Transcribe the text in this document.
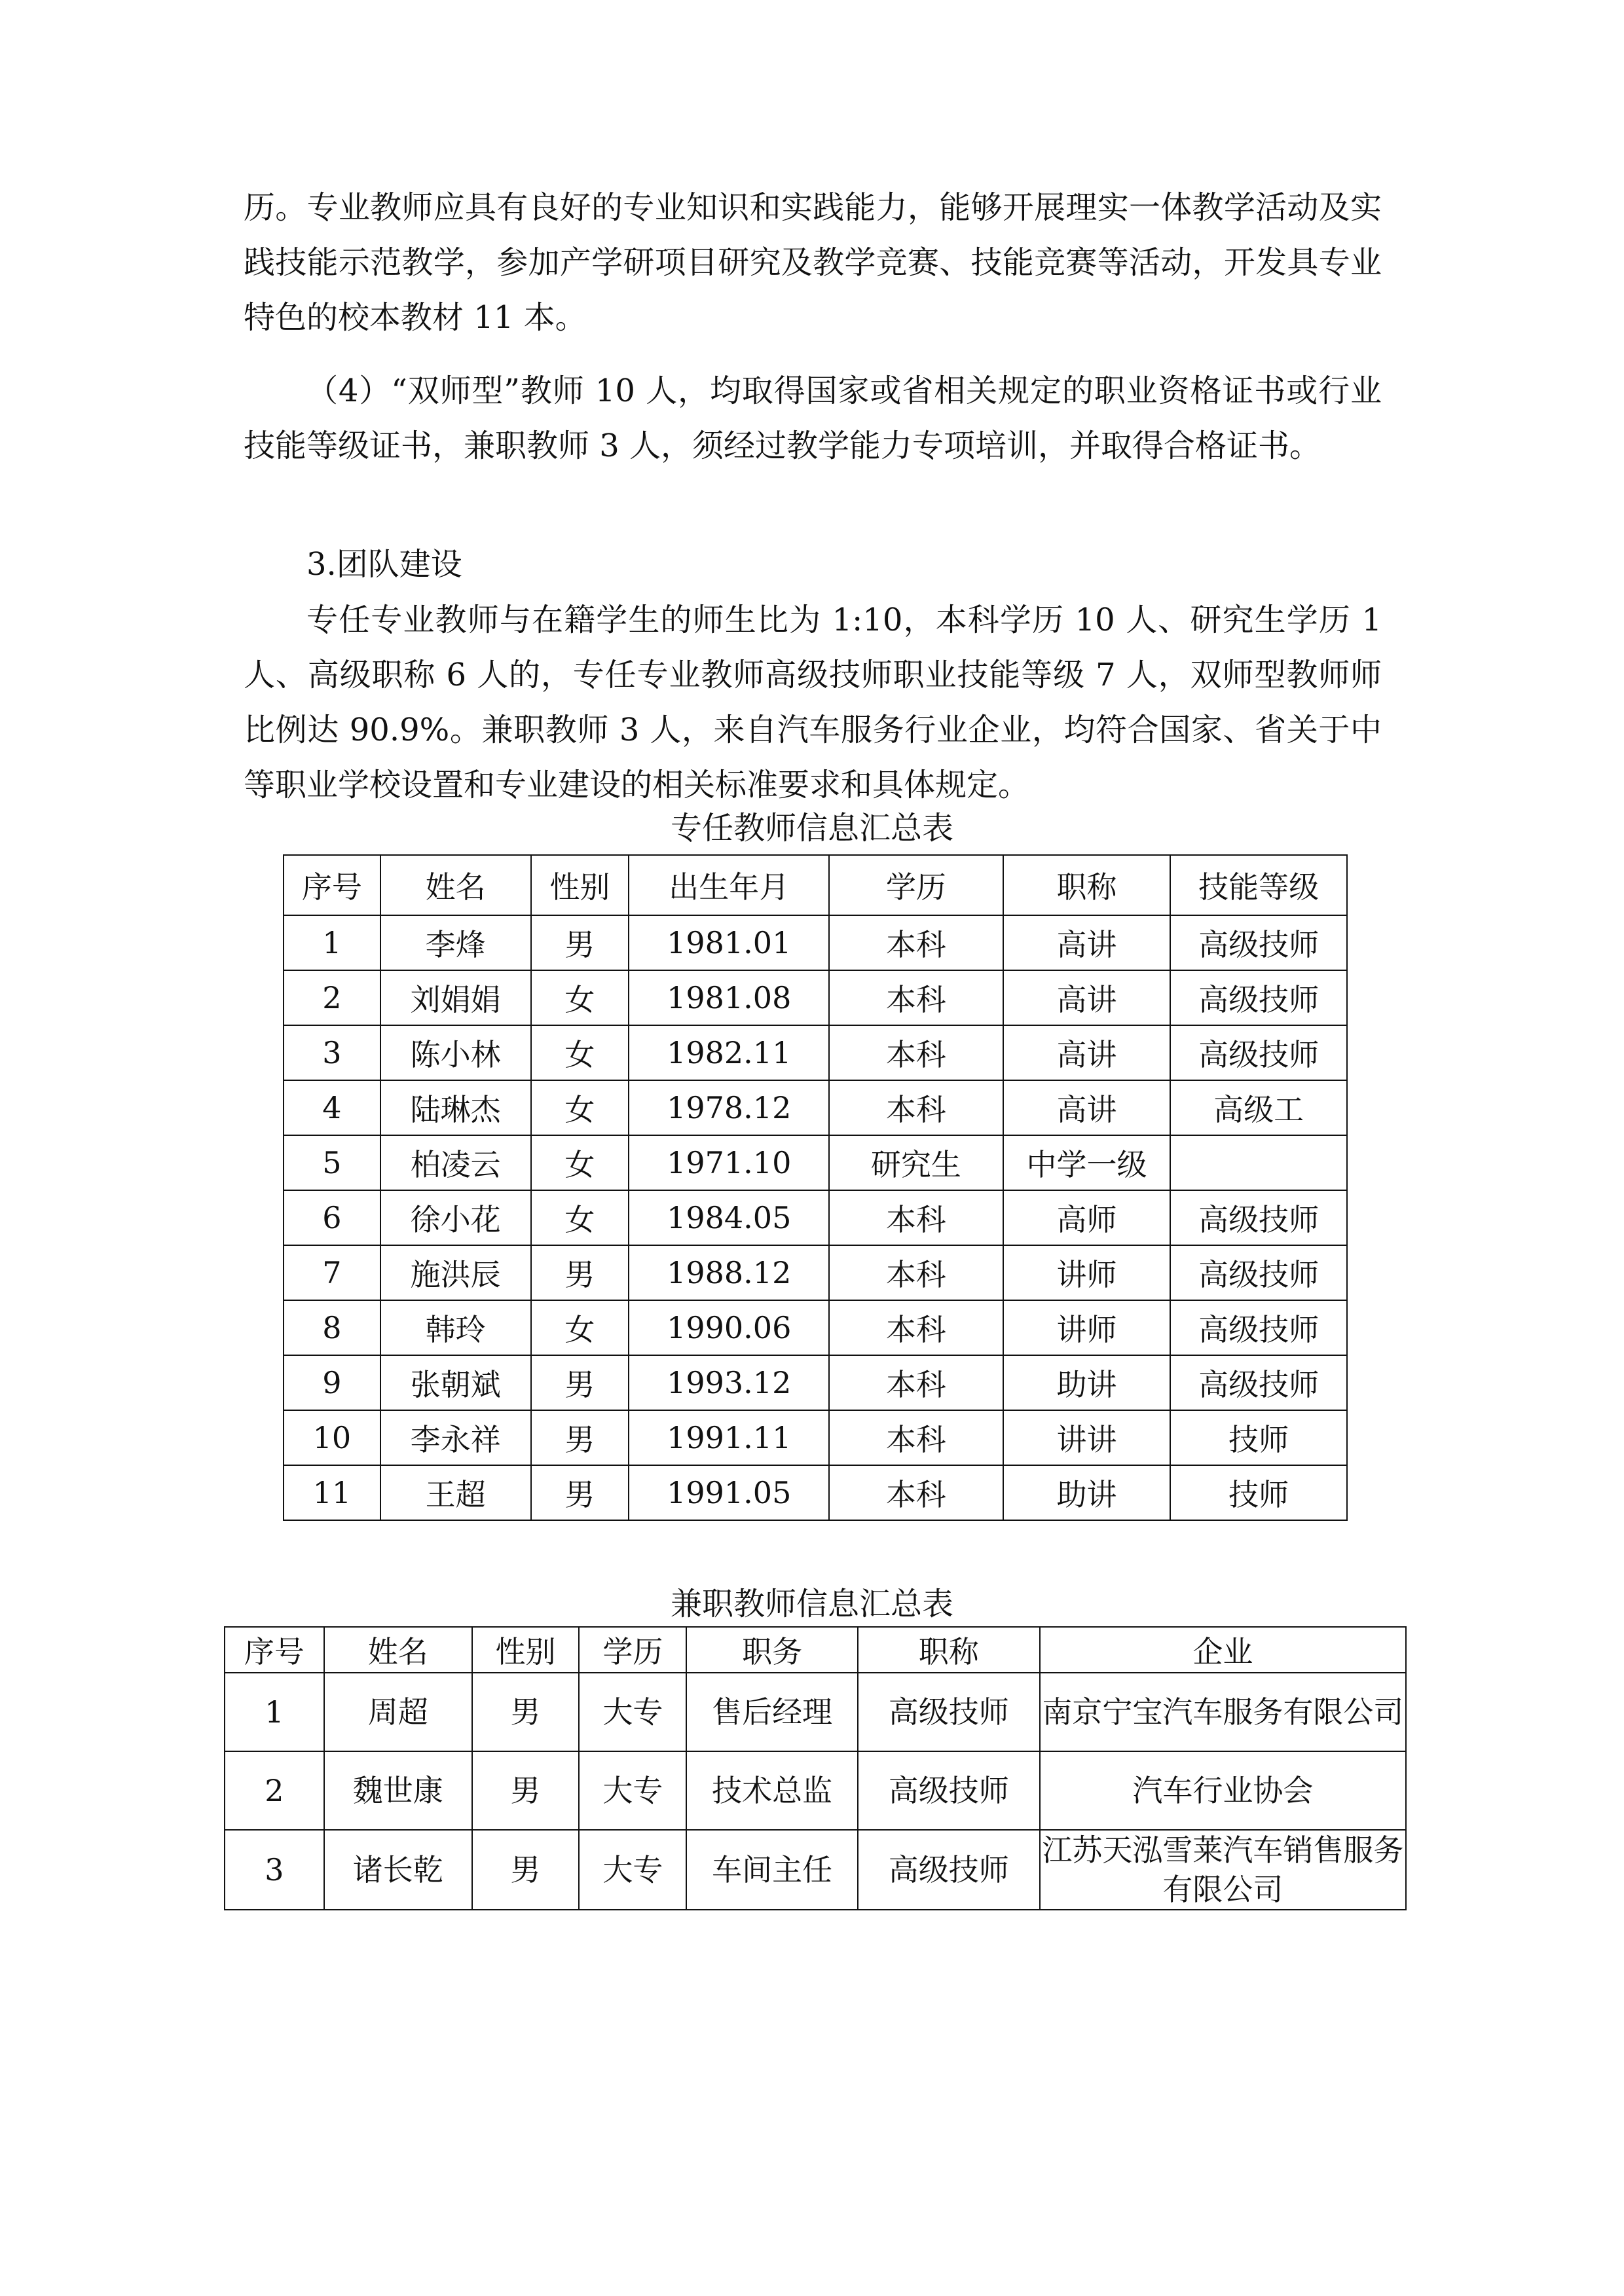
历。专业教师应具有良好的专业知识和实践能力，能够开展理实一体教学活动及实践技能示范教学，参加产学研项目研究及教学竞赛、技能竞赛等活动，开发具专业特色的校本教材 11 本。

（4）“双师型”教师 10 人，均取得国家或省相关规定的职业资格证书或行业技能等级证书，兼职教师 3 人，须经过教学能力专项培训，并取得合格证书。

3.团队建设

专任专业教师与在籍学生的师生比为 1:10，本科学历 10 人、研究生学历 1 人、高级职称 6 人的，专任专业教师高级技师职业技能等级 7 人，双师型教师师比例达 90.9%。兼职教师 3 人，来自汽车服务行业企业，均符合国家、省关于中等职业学校设置和专业建设的相关标准要求和具体规定。

专任教师信息汇总表
序号	姓名	性别	出生年月	学历	职称	技能等级
1	李烽	男	1981.01	本科	高讲	高级技师
2	刘娟娟	女	1981.08	本科	高讲	高级技师
3	陈小林	女	1982.11	本科	高讲	高级技师
4	陆琳杰	女	1978.12	本科	高讲	高级工
5	柏凌云	女	1971.10	研究生	中学一级	
6	徐小花	女	1984.05	本科	高师	高级技师
7	施洪辰	男	1988.12	本科	讲师	高级技师
8	韩玲	女	1990.06	本科	讲师	高级技师
9	张朝斌	男	1993.12	本科	助讲	高级技师
10	李永祥	男	1991.11	本科	讲讲	技师
11	王超	男	1991.05	本科	助讲	技师
兼职教师信息汇总表
序号	姓名	性别	学历	职务	职称	企业
1	周超	男	大专	售后经理	高级技师	南京宁宝汽车服务有限公司
2	魏世康	男	大专	技术总监	高级技师	汽车行业协会
3	诸长乾	男	大专	车间主任	高级技师	江苏天泓雪莱汽车销售服务有限公司
